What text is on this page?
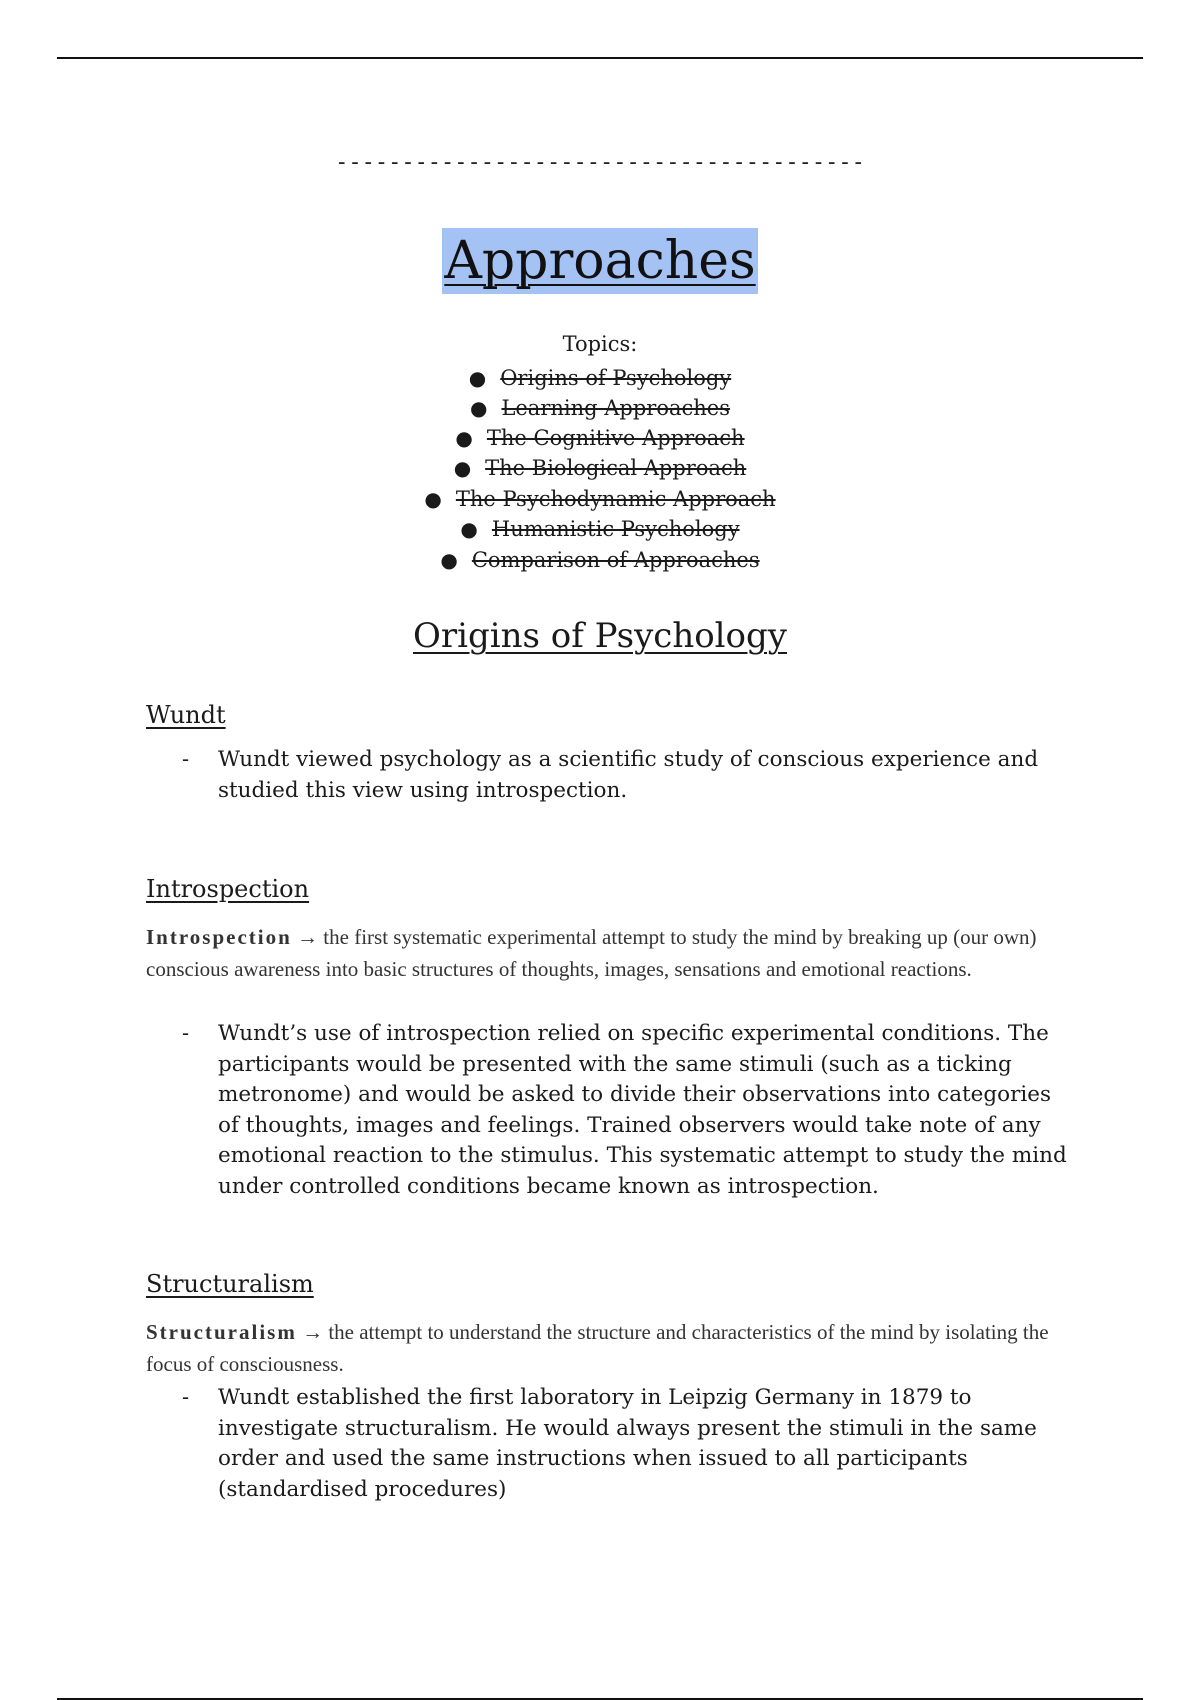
----------------------------------------
Approaches
Topics:
● Origins of Psychology
● Learning Approaches
● The Cognitive Approach
● The Biological Approach
● The Psychodynamic Approach
● Humanistic Psychology
● Comparison of Approaches
Origins of Psychology
Wundt
- Wundt viewed psychology as a scientific study of conscious experience and studied this view using introspection.
Introspection
Introspection → the first systematic experimental attempt to study the mind by breaking up (our own) conscious awareness into basic structures of thoughts, images, sensations and emotional reactions.
- Wundt’s use of introspection relied on specific experimental conditions. The participants would be presented with the same stimuli (such as a ticking metronome) and would be asked to divide their observations into categories of thoughts, images and feelings. Trained observers would take note of any emotional reaction to the stimulus. This systematic attempt to study the mind under controlled conditions became known as introspection.
Structuralism
Structuralism → the attempt to understand the structure and characteristics of the mind by isolating the focus of consciousness.
- Wundt established the first laboratory in Leipzig Germany in 1879 to investigate structuralism. He would always present the stimuli in the same order and used the same instructions when issued to all participants (standardised procedures)
